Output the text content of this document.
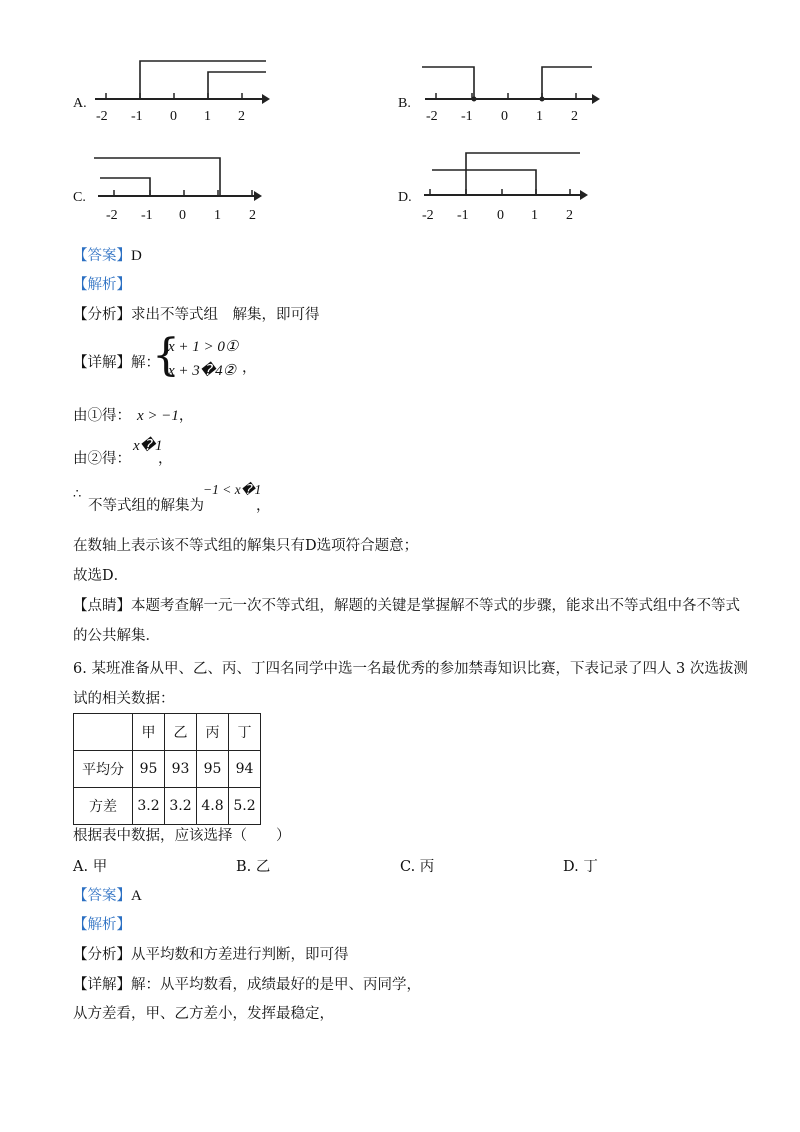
A.
-2 -1 0 1 2
B.
-2 -1 0 1 2
C.
-2 -1 0 1 2
D.
-2 -1 0 1 2
【答案】D
【解析】
【分析】求出不等式组　解集，即可得
【详解】解：
{
x + 1 > 0①
x + 3�4② ，
由①得： x > −1，
由②得：
x�1
，
∴
不等式组的解集为
−1 < x�1
，
在数轴上表示该不等式组的解集只有D选项符合题意；
故选D．
【点睛】本题考查解一元一次不等式组，解题的关键是掌握解不等式的步骤，能求出不等式组中各不等式
的公共解集．
6. 某班准备从甲、乙、丙、丁四名同学中选一名最优秀的参加禁毒知识比赛，下表记录了四人 3 次选拔测
试的相关数据：
	甲	乙	丙	丁
平均分	95	93	95	94
方差	3.2	3.2	4.8	5.2
根据表中数据，应该选择（　　）
A. 甲	B. 乙	C. 丙	D. 丁
【答案】A
【解析】
【分析】从平均数和方差进行判断，即可得
【详解】解：从平均数看，成绩最好的是甲、丙同学，
从方差看，甲、乙方差小，发挥最稳定，
